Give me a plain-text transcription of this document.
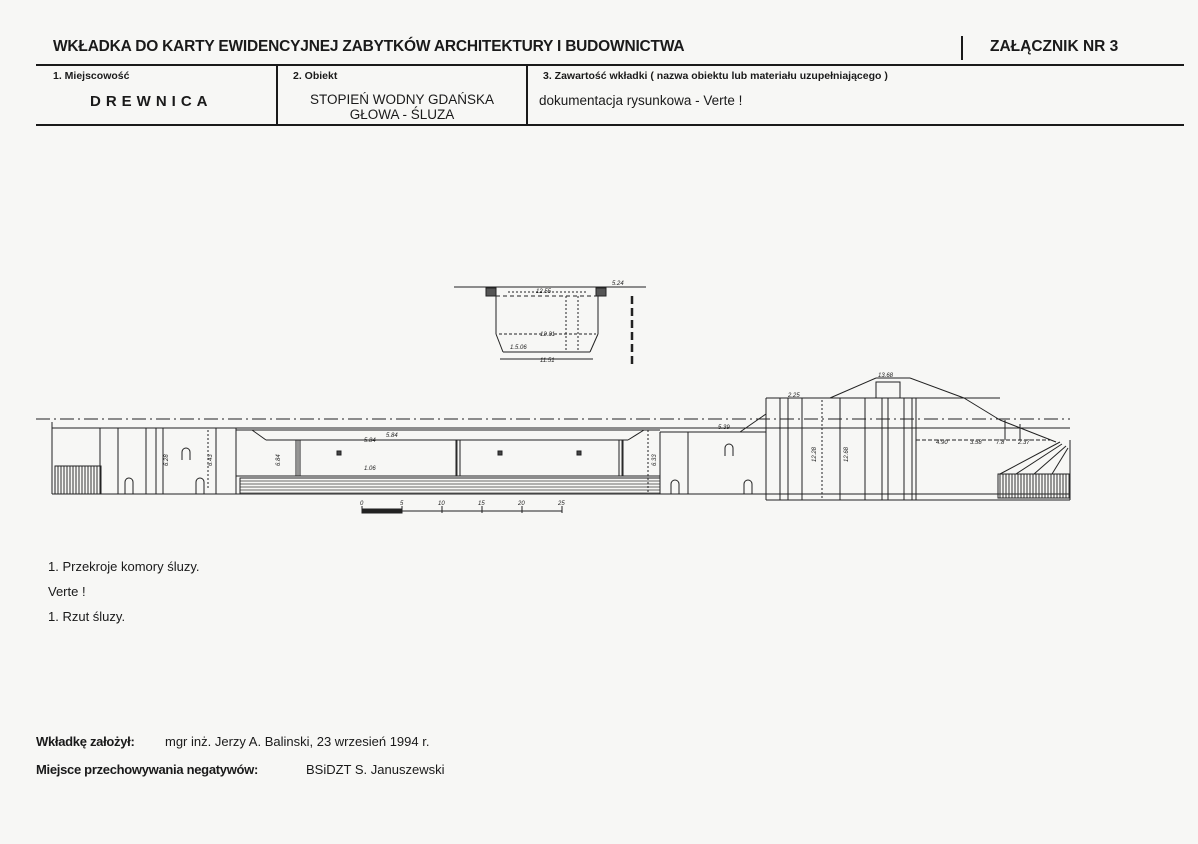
WKŁADKA DO KARTY EWIDENCYJNEJ ZABYTKÓW ARCHITEKTURY I BUDOWNICTWA	ZAŁĄCZNIK NR 3
1. Miejscowość
DREWNICA
2. Obiekt
STOPIEŃ WODNY GDAŃSKA
GŁOWA - ŚLUZA
3. Zawartość wkładki ( nazwa obiektu lub materiału uzupełniającego )
dokumentacja rysunkowa - Verte !
12.55
12.31
11.51
1.5.06
5.24
6.28	6.43	6.84
5.84
5.84
1.06
6.33
5.39
12.28	12.68
2.25
4.90	3.58 7.8 2.37
13.68
0	5	10	15	20	25
1. Przekroje komory śluzy.
Verte !
1. Rzut śluzy.
Wkładkę założył: mgr inż. Jerzy A. Balinski, 23 wrzesień 1994 r.
Miejsce przechowywania negatywów:	BSiDZT S. Januszewski
